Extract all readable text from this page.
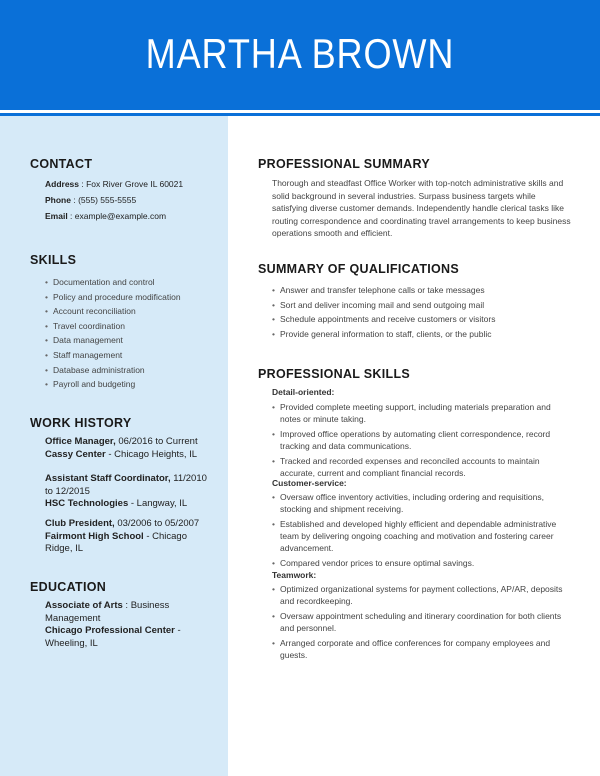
MARTHA BROWN
CONTACT
Address : Fox River Grove IL 60021
Phone : (555) 555-5555
Email : example@example.com
SKILLS
• Documentation and control
• Policy and procedure modification
• Account reconciliation
• Travel coordination
• Data management
• Staff management
• Database administration
• Payroll and budgeting
WORK HISTORY
Office Manager, 06/2016 to Current
Cassy Center - Chicago Heights, IL
Assistant Staff Coordinator, 11/2010 to 12/2015
HSC Technologies - Langway, IL
Club President, 03/2006 to 05/2007
Fairmont High School - Chicago Ridge, IL
EDUCATION
Associate of Arts : Business Management
Chicago Professional Center - Wheeling, IL
PROFESSIONAL SUMMARY
Thorough and steadfast Office Worker with top-notch administrative skills and solid background in several industries. Surpass business targets while satisfying diverse customer demands. Independently handle clerical tasks like routing correspondence and coordinating travel arrangements to keep business operations smooth and efficient.
SUMMARY OF QUALIFICATIONS
• Answer and transfer telephone calls or take messages
• Sort and deliver incoming mail and send outgoing mail
• Schedule appointments and receive customers or visitors
• Provide general information to staff, clients, or the public
PROFESSIONAL SKILLS
Detail-oriented:
• Provided complete meeting support, including materials preparation and notes or minute taking.
• Improved office operations by automating client correspondence, record tracking and data communications.
• Tracked and recorded expenses and reconciled accounts to maintain accurate, current and compliant financial records.
Customer-service:
• Oversaw office inventory activities, including ordering and requisitions, stocking and shipment receiving.
• Established and developed highly efficient and dependable administrative team by delivering ongoing coaching and motivation and fostering career advancement.
• Compared vendor prices to ensure optimal savings.
Teamwork:
• Optimized organizational systems for payment collections, AP/AR, deposits and recordkeeping.
• Oversaw appointment scheduling and itinerary coordination for both clients and personnel.
• Arranged corporate and office conferences for company employees and guests.
